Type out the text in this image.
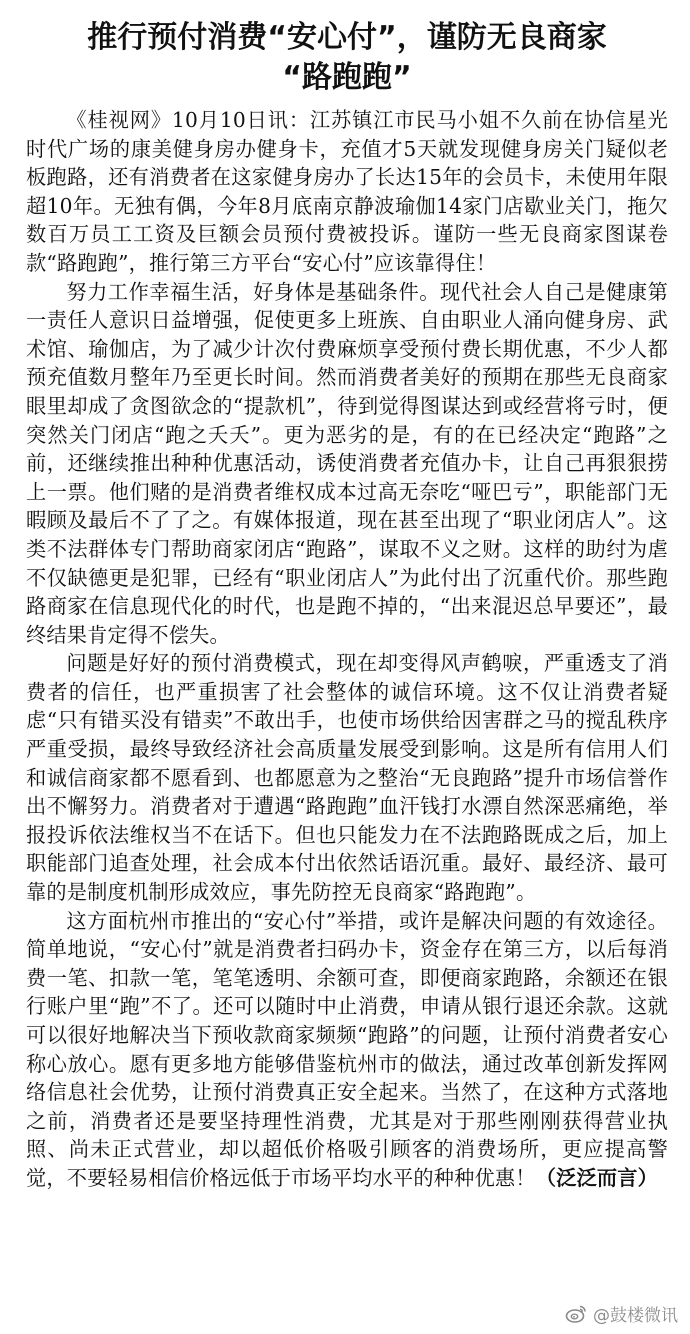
推行预付消费“安心付”，谨防无良商家
“路跑跑”

《桂视网》10月10日讯：江苏镇江市民马小姐不久前在协信星光时代广场的康美健身房办健身卡，充值才5天就发现健身房关门疑似老板跑路，还有消费者在这家健身房办了长达15年的会员卡，未使用年限超10年。无独有偶，今年8月底南京静波瑜伽14家门店歇业关门，拖欠数百万员工工资及巨额会员预付费被投诉。谨防一些无良商家图谋卷款“路跑跑”，推行第三方平台“安心付”应该靠得住！

努力工作幸福生活，好身体是基础条件。现代社会人自己是健康第一责任人意识日益增强，促使更多上班族、自由职业人涌向健身房、武术馆、瑜伽店，为了减少计次付费麻烦享受预付费长期优惠，不少人都预充值数月整年乃至更长时间。然而消费者美好的预期在那些无良商家眼里却成了贪图欲念的“提款机”，待到觉得图谋达到或经营将亏时，便突然关门闭店“跑之夭夭”。更为恶劣的是，有的在已经决定“跑路”之前，还继续推出种种优惠活动，诱使消费者充值办卡，让自己再狠狠捞上一票。他们赌的是消费者维权成本过高无奈吃“哑巴亏”，职能部门无暇顾及最后不了了之。有媒体报道，现在甚至出现了“职业闭店人”。这类不法群体专门帮助商家闭店“跑路”，谋取不义之财。这样的助纣为虐不仅缺德更是犯罪，已经有“职业闭店人”为此付出了沉重代价。那些跑路商家在信息现代化的时代，也是跑不掉的，“出来混迟总早要还”，最终结果肯定得不偿失。

问题是好好的预付消费模式，现在却变得风声鹤唳，严重透支了消费者的信任，也严重损害了社会整体的诚信环境。这不仅让消费者疑虑“只有错买没有错卖”不敢出手，也使市场供给因害群之马的搅乱秩序严重受损，最终导致经济社会高质量发展受到影响。这是所有信用人们和诚信商家都不愿看到、也都愿意为之整治“无良跑路”提升市场信誉作出不懈努力。消费者对于遭遇“路跑跑”血汗钱打水漂自然深恶痛绝，举报投诉依法维权当不在话下。但也只能发力在不法跑路既成之后，加上职能部门追查处理，社会成本付出依然话语沉重。最好、最经济、最可靠的是制度机制形成效应，事先防控无良商家“路跑跑”。

这方面杭州市推出的“安心付”举措，或许是解决问题的有效途径。简单地说，“安心付”就是消费者扫码办卡，资金存在第三方，以后每消费一笔、扣款一笔，笔笔透明、余额可查，即便商家跑路，余额还在银行账户里“跑”不了。还可以随时中止消费，申请从银行退还余款。这就可以很好地解决当下预收款商家频频“跑路”的问题，让预付消费者安心称心放心。愿有更多地方能够借鉴杭州市的做法，通过改革创新发挥网络信息社会优势，让预付消费真正安全起来。当然了，在这种方式落地之前，消费者还是要坚持理性消费，尤其是对于那些刚刚获得营业执照、尚未正式营业，却以超低价格吸引顾客的消费场所，更应提高警觉，不要轻易相信价格远低于市场平均水平的种种优惠！（泛泛而言）

@鼓楼微讯
